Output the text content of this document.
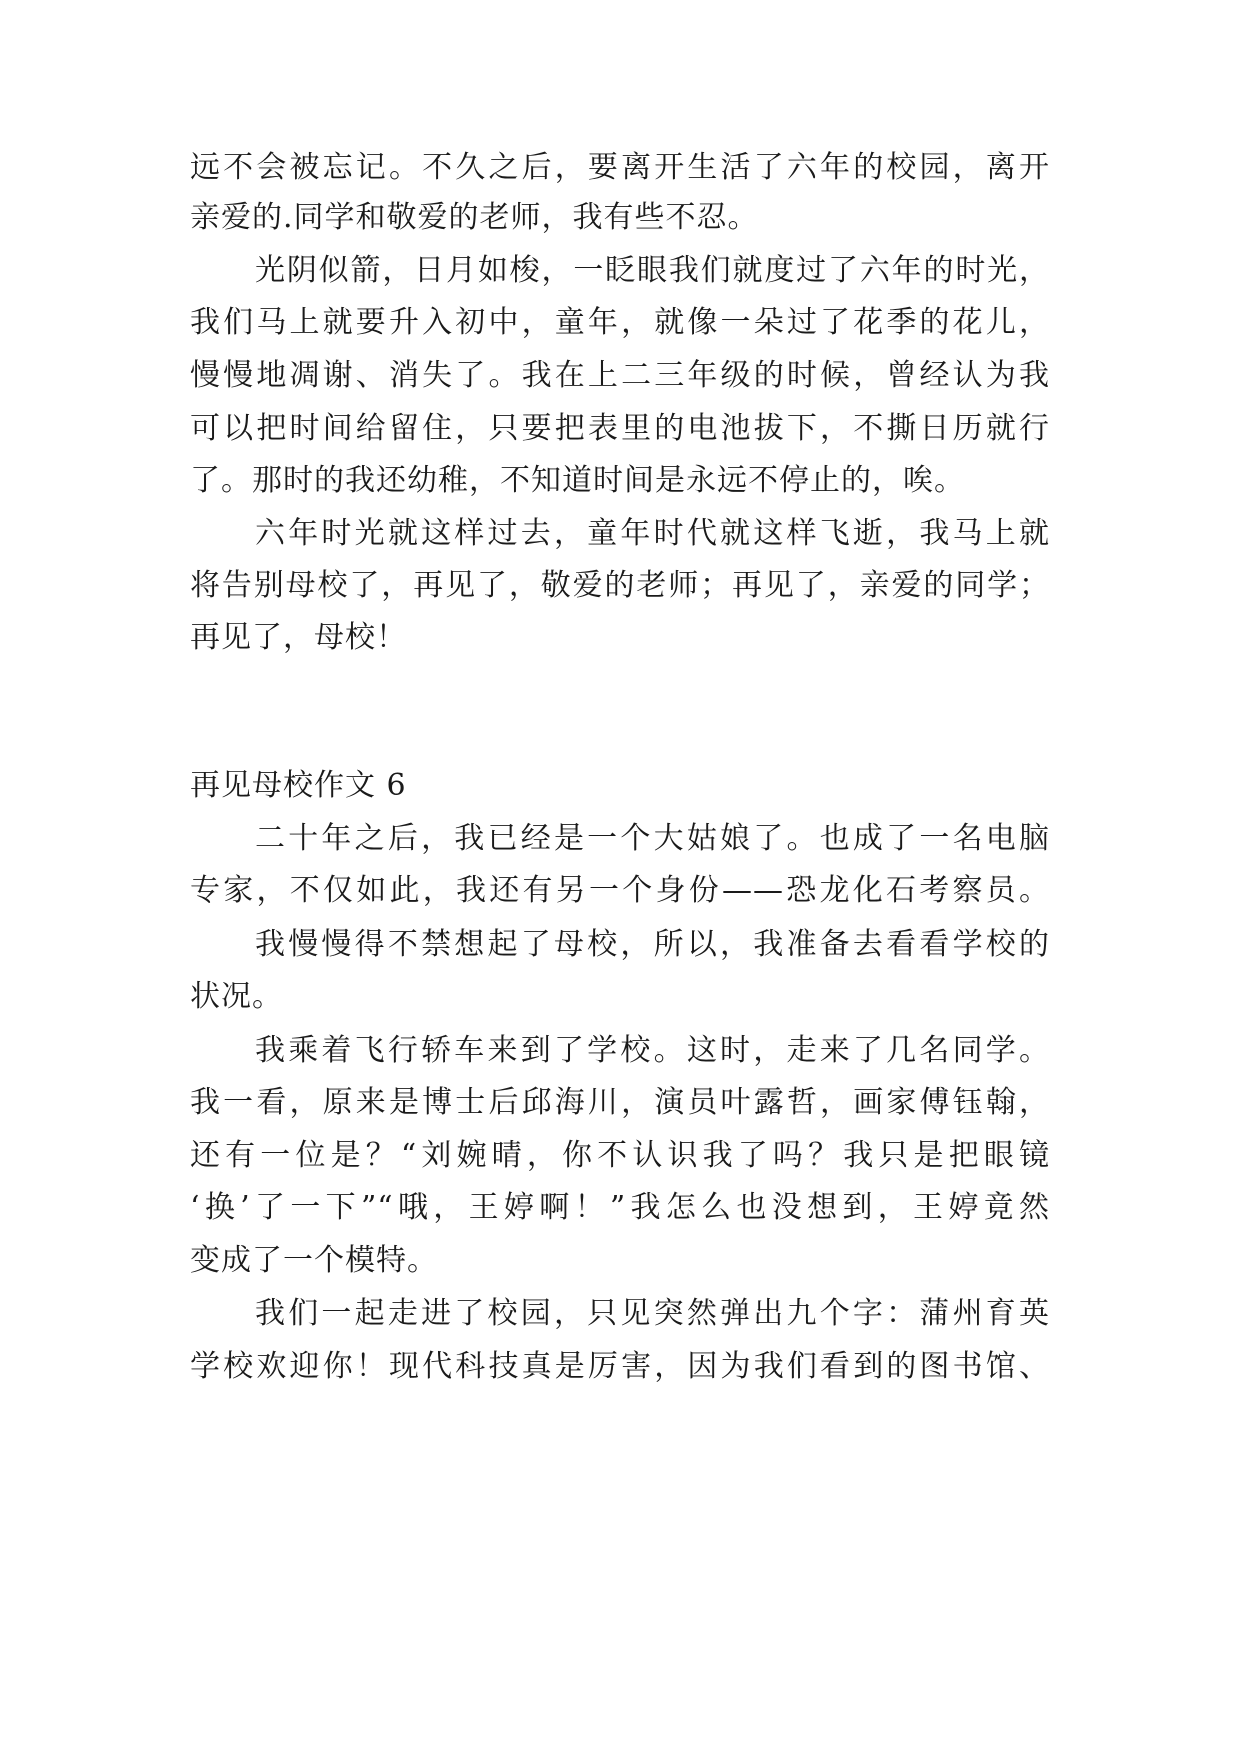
远不会被忘记。不久之后，要离开生活了六年的校园，离开
亲爱的.同学和敬爱的老师，我有些不忍。
光阴似箭，日月如梭，一眨眼我们就度过了六年的时光，
我们马上就要升入初中，童年，就像一朵过了花季的花儿，
慢慢地凋谢、消失了。我在上二三年级的时候，曾经认为我
可以把时间给留住，只要把表里的电池拔下，不撕日历就行
了。那时的我还幼稚，不知道时间是永远不停止的，唉。
六年时光就这样过去，童年时代就这样飞逝，我马上就
将告别母校了，再见了，敬爱的老师；再见了，亲爱的同学；
再见了，母校！
再见母校作文 6
二十年之后，我已经是一个大姑娘了。也成了一名电脑
专家，不仅如此，我还有另一个身份——恐龙化石考察员。
我慢慢得不禁想起了母校，所以，我准备去看看学校的
状况。
我乘着飞行轿车来到了学校。这时，走来了几名同学。
我一看，原来是博士后邱海川，演员叶露哲，画家傅钰翰，
还有一位是？“刘婉晴，你不认识我了吗？我只是把眼镜
‘换’了一下”“哦，王婷啊！”我怎么也没想到，王婷竟然
变成了一个模特。
我们一起走进了校园，只见突然弹出九个字：蒲州育英
学校欢迎你！现代科技真是厉害，因为我们看到的图书馆、
